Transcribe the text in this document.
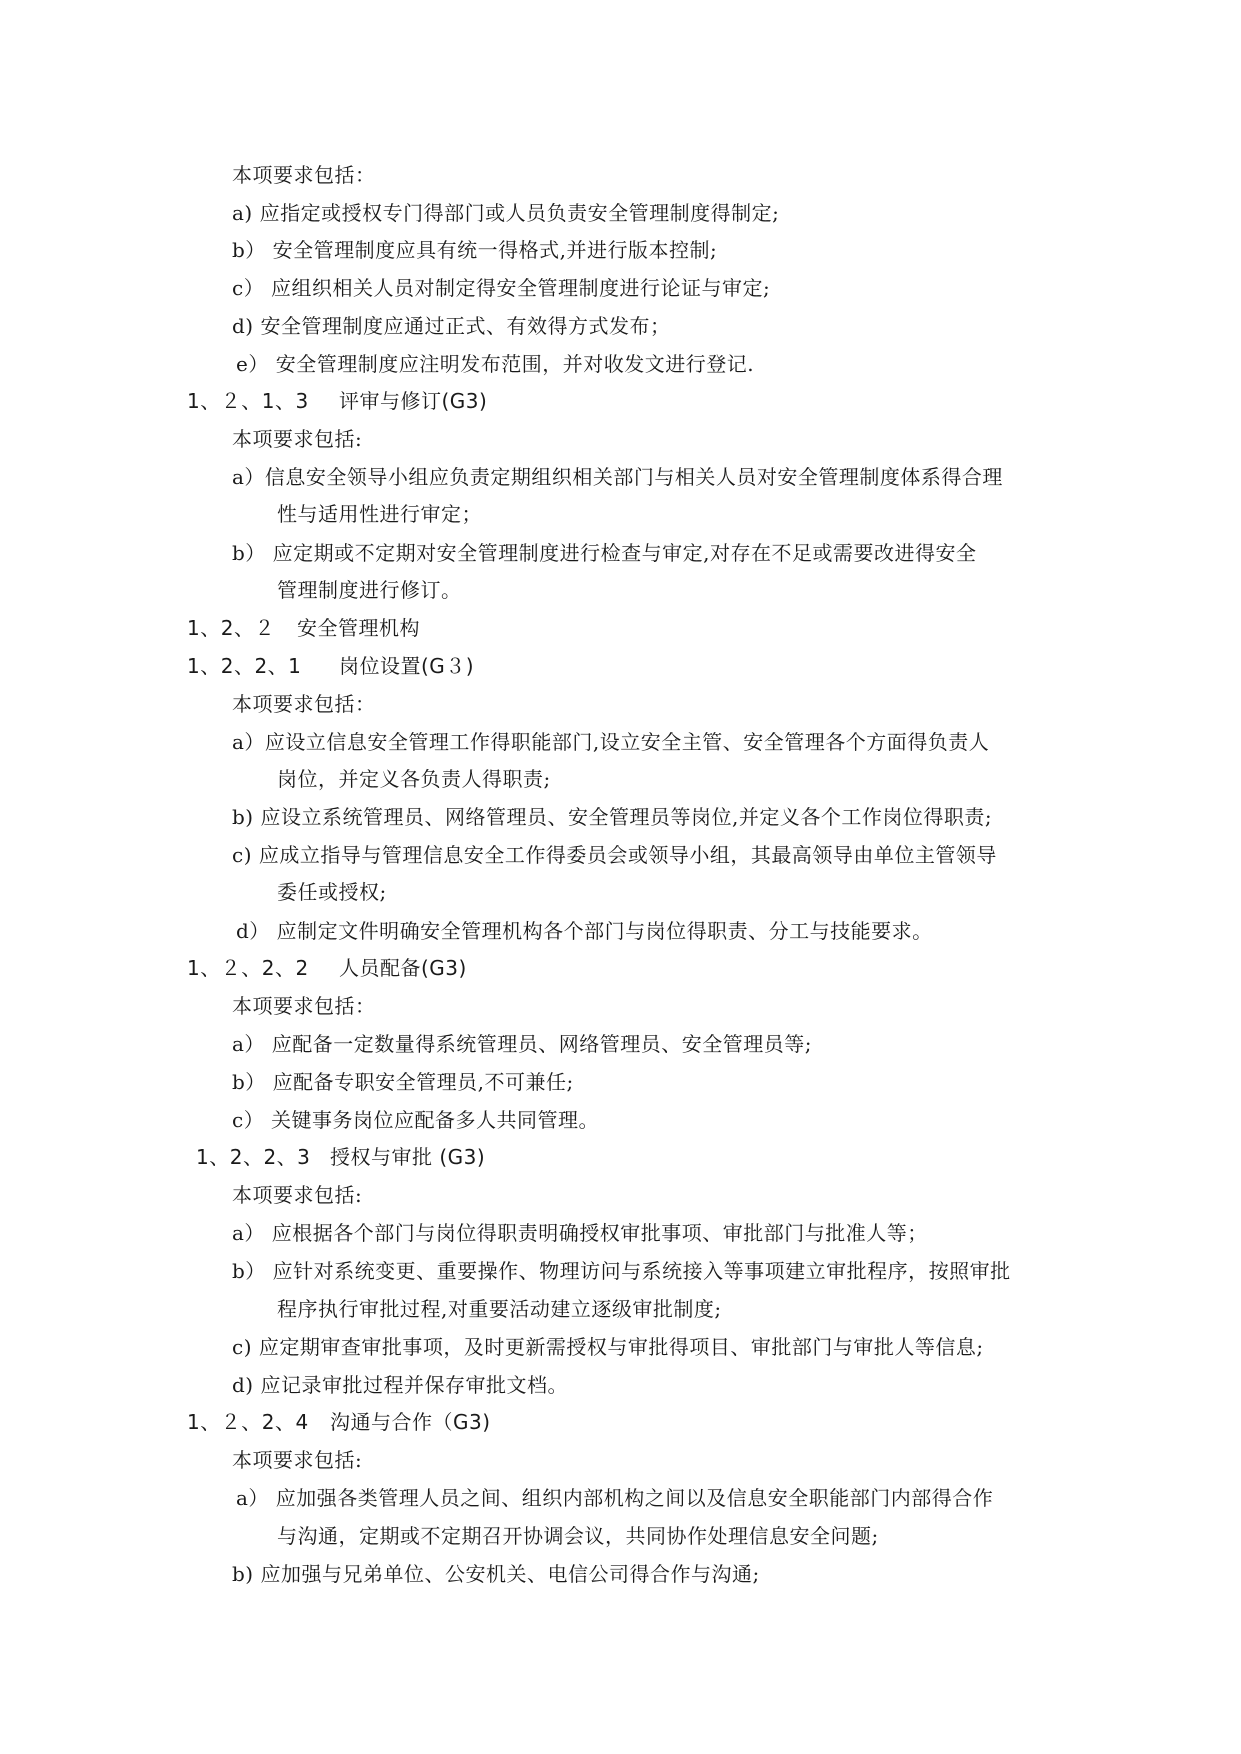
本项要求包括：
a) 应指定或授权专门得部门或人员负责安全管理制度得制定;
b） 安全管理制度应具有统一得格式,并进行版本控制;
c） 应组织相关人员对制定得安全管理制度进行论证与审定;
d) 安全管理制度应通过正式、有效得方式发布；
e） 安全管理制度应注明发布范围，并对收发文进行登记.
1、２、1、3 评审与修订(G3)
本项要求包括:
a）信息安全领导小组应负责定期组织相关部门与相关人员对安全管理制度体系得合理
性与适用性进行审定；
b） 应定期或不定期对安全管理制度进行检查与审定,对存在不足或需要改进得安全
管理制度进行修订。
1、2、２ 安全管理机构
1、2、2、1 岗位设置(G３)
本项要求包括：
a）应设立信息安全管理工作得职能部门,设立安全主管、安全管理各个方面得负责人
岗位，并定义各负责人得职责;
b) 应设立系统管理员、网络管理员、安全管理员等岗位,并定义各个工作岗位得职责;
c) 应成立指导与管理信息安全工作得委员会或领导小组，其最高领导由单位主管领导
委任或授权;
d） 应制定文件明确安全管理机构各个部门与岗位得职责、分工与技能要求。
1、２、2、2 人员配备(G3)
本项要求包括：
a） 应配备一定数量得系统管理员、网络管理员、安全管理员等;
b） 应配备专职安全管理员,不可兼任;
c） 关键事务岗位应配备多人共同管理。
1、2、2、3 授权与审批 (G3)
本项要求包括:
a） 应根据各个部门与岗位得职责明确授权审批事项、审批部门与批准人等；
b） 应针对系统变更、重要操作、物理访问与系统接入等事项建立审批程序，按照审批
程序执行审批过程,对重要活动建立逐级审批制度;
c) 应定期审查审批事项，及时更新需授权与审批得项目、审批部门与审批人等信息;
d) 应记录审批过程并保存审批文档。
1、２、2、4 沟通与合作（G3)
本项要求包括:
a） 应加强各类管理人员之间、组织内部机构之间以及信息安全职能部门内部得合作
与沟通，定期或不定期召开协调会议，共同协作处理信息安全问题;
b) 应加强与兄弟单位、公安机关、电信公司得合作与沟通;
